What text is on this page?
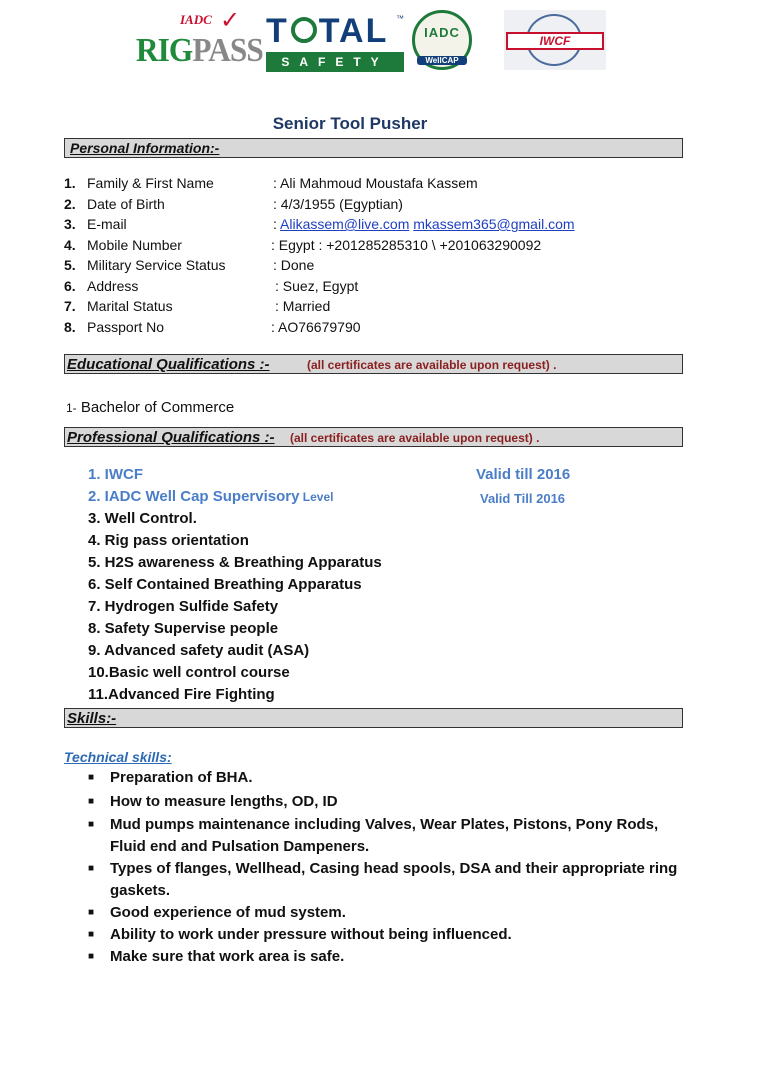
IADC ✓
RIGPASS
T TAL ™
SAFETY
IADC
WellCAP
IWCF
Senior Tool Pusher
Personal Information:-
1. Family & First Name	: Ali Mahmoud Moustafa Kassem
2. Date of Birth	: 4/3/1955 (Egyptian)
3. E-mail	: Alikassem@live.com mkassem365@gmail.com
4. Mobile Number	: Egypt : +201285285310 \ +201063290092
5. Military Service Status	: Done
6. Address	: Suez, Egypt
7. Marital Status	: Married
8. Passport No	: AO76679790
Educational Qualifications :-	(all certificates are available upon request) .
1- Bachelor of Commerce
Professional Qualifications :- (all certificates are available upon request) .
1. IWCF	Valid till 2016
2. IADC Well Cap Supervisory Level	Valid Till 2016
3. Well Control.
4. Rig pass orientation
5. H2S awareness & Breathing Apparatus
6. Self Contained Breathing Apparatus
7. Hydrogen Sulfide Safety
8. Safety Supervise people
9. Advanced safety audit (ASA)
10.Basic well control course
11.Advanced Fire Fighting
Skills:-
Technical skills:
■ Preparation of BHA.
■ How to measure lengths, OD, ID
■ Mud pumps maintenance including Valves, Wear Plates, Pistons, Pony Rods,
Fluid end and Pulsation Dampeners.
■ Types of flanges, Wellhead, Casing head spools, DSA and their appropriate ring
gaskets.
■ Good experience of mud system.
■ Ability to work under pressure without being influenced.
■ Make sure that work area is safe.
